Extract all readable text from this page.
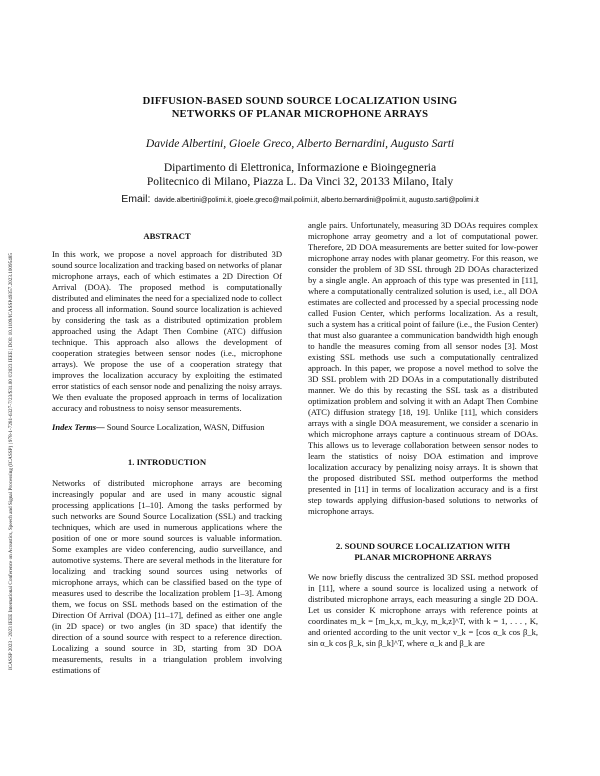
ICASSP 2023 - 2023 IEEE International Conference on Acoustics, Speech and Signal Processing (ICASSP) | 978-1-7281-6327-7/23/$31.00 ©2023 IEEE | DOI: 10.1109/ICASSP49357.2023.10095485
DIFFUSION-BASED SOUND SOURCE LOCALIZATION USING
NETWORKS OF PLANAR MICROPHONE ARRAYS
Davide Albertini, Gioele Greco, Alberto Bernardini, Augusto Sarti
Dipartimento di Elettronica, Informazione e Bioingegneria
Politecnico di Milano, Piazza L. Da Vinci 32, 20133 Milano, Italy
Email: davide.albertini@polimi.it, gioele.greco@mail.polimi.it, alberto.bernardini@polimi.it, augusto.sarti@polimi.it
ABSTRACT

In this work, we propose a novel approach for distributed 3D sound source localization and tracking based on networks of planar microphone arrays, each of which estimates a 2D Direction Of Arrival (DOA). The proposed method is computationally distributed and eliminates the need for a specialized node to collect and process all information. Sound source localization is achieved by considering the task as a distributed optimization problem approached using the Adapt Then Combine (ATC) diffusion technique. This approach also allows the development of cooperation strategies between sensor nodes (i.e., microphone arrays). We propose the use of a cooperation strategy that improves the localization accuracy by exploiting the estimated error statistics of each sensor node and penalizing the noisy arrays. We then evaluate the proposed approach in terms of localization accuracy and robustness to noisy sensor measurements.

Index Terms— Sound Source Localization, WASN, Diffusion

1. INTRODUCTION

Networks of distributed microphone arrays are becoming increasingly popular and are used in many acoustic signal processing applications [1–10]. Among the tasks performed by such networks are Sound Source Localization (SSL) and tracking techniques, which are used in numerous applications where the position of one or more sound sources is valuable information. Some examples are video conferencing, audio surveillance, and automotive systems. There are several methods in the literature for localizing and tracking sound sources using networks of microphone arrays, which can be classified based on the type of measures used to describe the localization problem [1–3]. Among them, we focus on SSL methods based on the estimation of the Direction Of Arrival (DOA) [11–17], defined as either one angle (in 2D space) or two angles (in 3D space) that identify the direction of a sound source with respect to a reference direction. Localizing a sound source in 3D, starting from 3D DOA measurements, results in a triangulation problem involving estimations of

angle pairs. Unfortunately, measuring 3D DOAs requires complex microphone array geometry and a lot of computational power. Therefore, 2D DOA measurements are better suited for low-power microphone array nodes with planar geometry. For this reason, we consider the problem of 3D SSL through 2D DOAs characterized by a single angle. An approach of this type was presented in [11], where a computationally centralized solution is used, i.e., all DOA estimates are collected and processed by a special processing node called Fusion Center, which performs localization. As a result, such a system has a critical point of failure (i.e., the Fusion Center) that must also guarantee a communication bandwidth high enough to handle the measures coming from all sensor nodes [3]. Most existing SSL methods use such a computationally centralized approach. In this paper, we propose a novel method to solve the 3D SSL problem with 2D DOAs in a computationally distributed manner. We do this by recasting the SSL task as a distributed optimization problem and solving it with an Adapt Then Combine (ATC) diffusion strategy [18, 19]. Unlike [11], which considers arrays with a single DOA measurement, we consider a scenario in which microphone arrays capture a continuous stream of DOAs. This allows us to leverage collaboration between sensor nodes to learn the statistics of noisy DOA estimation and improve localization accuracy by penalizing noisy arrays. It is shown that the proposed distributed SSL method outperforms the method presented in [11] in terms of localization accuracy and is a first step towards applying diffusion-based solutions to networks of microphone arrays.

2. SOUND SOURCE LOCALIZATION WITH
PLANAR MICROPHONE ARRAYS

We now briefly discuss the centralized 3D SSL method proposed in [11], where a sound source is localized using a network of distributed microphone arrays, each measuring a single 2D DOA. Let us consider K microphone arrays with reference points at coordinates m_k = [m_k,x, m_k,y, m_k,z]^T, with k = 1, . . . , K, and oriented according to the unit vector v_k = [cos α_k cos β_k, sin α_k cos β_k, sin β_k]^T, where α_k and β_k are
